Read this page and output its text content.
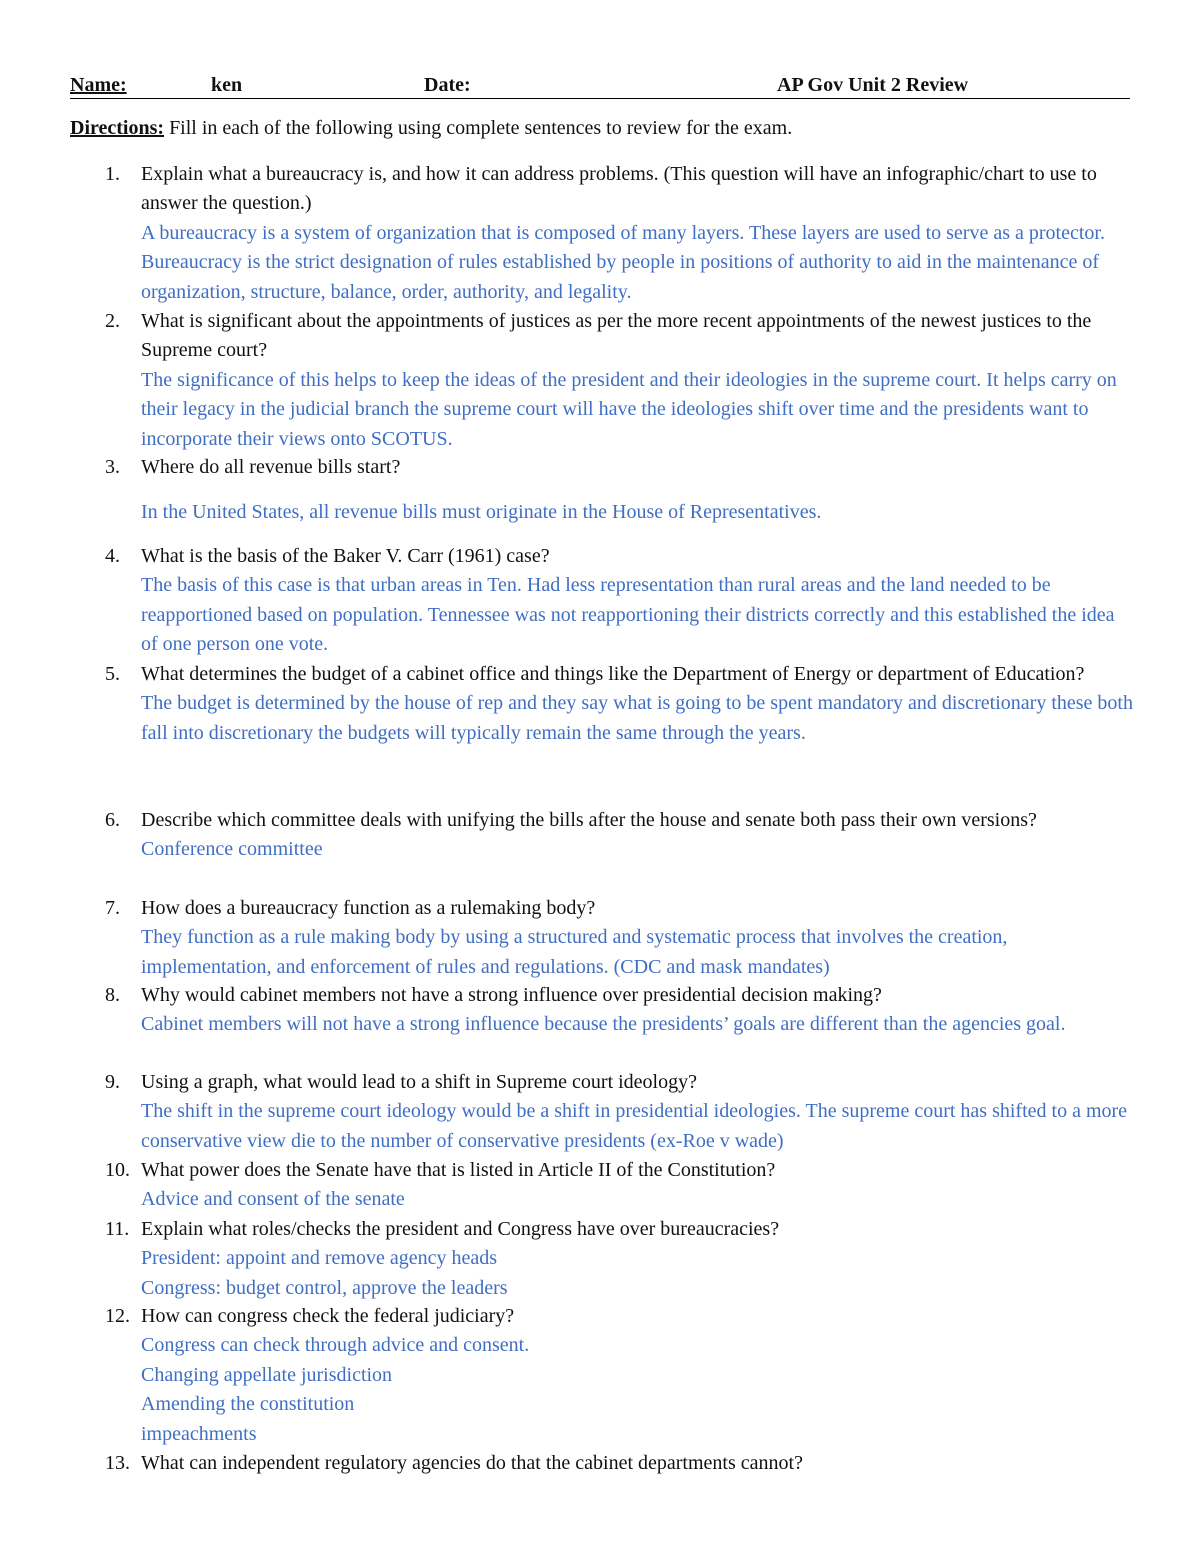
Name:	ken	Date:	AP Gov Unit 2 Review
Directions: Fill in each of the following using complete sentences to review for the exam.
1. Explain what a bureaucracy is, and how it can address problems. (This question will have an infographic/chart to use to answer the question.)
A bureaucracy is a system of organization that is composed of many layers. These layers are used to serve as a protector. Bureaucracy is the strict designation of rules established by people in positions of authority to aid in the maintenance of organization, structure, balance, order, authority, and legality.
2. What is significant about the appointments of justices as per the more recent appointments of the newest justices to the Supreme court?
The significance of this helps to keep the ideas of the president and their ideologies in the supreme court. It helps carry on their legacy in the judicial branch the supreme court will have the ideologies shift over time and the presidents want to incorporate their views onto SCOTUS.
3. Where do all revenue bills start?
In the United States, all revenue bills must originate in the House of Representatives.
4. What is the basis of the Baker V. Carr (1961) case?
The basis of this case is that urban areas in Ten. Had less representation than rural areas and the land needed to be reapportioned based on population. Tennessee was not reapportioning their districts correctly and this established the idea of one person one vote.
5. What determines the budget of a cabinet office and things like the Department of Energy or department of Education?
The budget is determined by the house of rep and they say what is going to be spent mandatory and discretionary these both fall into discretionary the budgets will typically remain the same through the years.
6. Describe which committee deals with unifying the bills after the house and senate both pass their own versions?
Conference committee
7. How does a bureaucracy function as a rulemaking body?
They function as a rule making body by using a structured and systematic process that involves the creation, implementation, and enforcement of rules and regulations. (CDC and mask mandates)
8. Why would cabinet members not have a strong influence over presidential decision making?
Cabinet members will not have a strong influence because the presidents’ goals are different than the agencies goal.
9. Using a graph, what would lead to a shift in Supreme court ideology?
The shift in the supreme court ideology would be a shift in presidential ideologies. The supreme court has shifted to a more conservative view die to the number of conservative presidents (ex-Roe v wade)
10. What power does the Senate have that is listed in Article II of the Constitution?
Advice and consent of the senate
11. Explain what roles/checks the president and Congress have over bureaucracies?
President: appoint and remove agency heads
Congress: budget control, approve the leaders
12. How can congress check the federal judiciary?
Congress can check through advice and consent.
Changing appellate jurisdiction
Amending the constitution
impeachments
13. What can independent regulatory agencies do that the cabinet departments cannot?
